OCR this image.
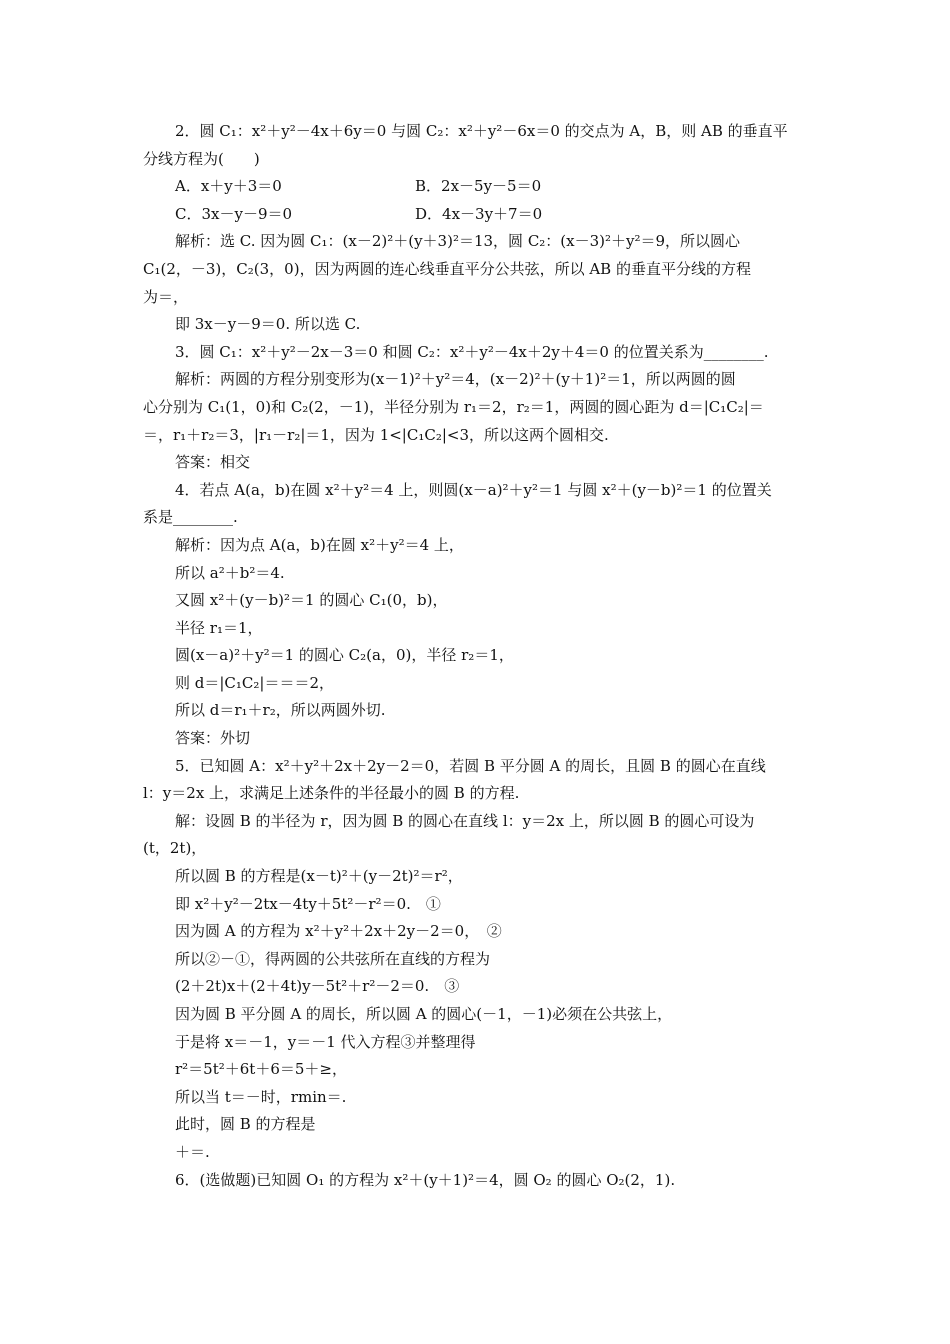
2．圆 C₁：x²＋y²－4x＋6y＝0 与圆 C₂：x²＋y²－6x＝0 的交点为 A，B，则 AB 的垂直平
分线方程为(　　)
A．x＋y＋3＝0	B．2x－5y－5＝0
C．3x－y－9＝0	D．4x－3y＋7＝0
解析：选 C. 因为圆 C₁：(x－2)²＋(y＋3)²＝13，圆 C₂：(x－3)²＋y²＝9，所以圆心
C₁(2，－3)，C₂(3，0)，因为两圆的连心线垂直平分公共弦，所以 AB 的垂直平分线的方程
为＝，
即 3x－y－9＝0. 所以选 C.
3．圆 C₁：x²＋y²－2x－3＝0 和圆 C₂：x²＋y²－4x＋2y＋4＝0 的位置关系为________.
解析：两圆的方程分别变形为(x－1)²＋y²＝4，(x－2)²＋(y＋1)²＝1，所以两圆的圆
心分别为 C₁(1，0)和 C₂(2，－1)，半径分别为 r₁＝2，r₂＝1，两圆的圆心距为 d＝|C₁C₂|＝
＝，r₁＋r₂＝3，|r₁－r₂|＝1，因为 1<|C₁C₂|<3，所以这两个圆相交.
答案：相交
4．若点 A(a，b)在圆 x²＋y²＝4 上，则圆(x－a)²＋y²＝1 与圆 x²＋(y－b)²＝1 的位置关
系是________.
解析：因为点 A(a，b)在圆 x²＋y²＝4 上，
所以 a²＋b²＝4.
又圆 x²＋(y－b)²＝1 的圆心 C₁(0，b)，
半径 r₁＝1，
圆(x－a)²＋y²＝1 的圆心 C₂(a，0)，半径 r₂＝1，
则 d＝|C₁C₂|＝＝＝2，
所以 d＝r₁＋r₂，所以两圆外切.
答案：外切
5．已知圆 A：x²＋y²＋2x＋2y－2＝0，若圆 B 平分圆 A 的周长，且圆 B 的圆心在直线
l：y＝2x 上，求满足上述条件的半径最小的圆 B 的方程.
解：设圆 B 的半径为 r，因为圆 B 的圆心在直线 l：y＝2x 上，所以圆 B 的圆心可设为
(t，2t)，
所以圆 B 的方程是(x－t)²＋(y－2t)²＝r²，
即 x²＋y²－2tx－4ty＋5t²－r²＝0.　①
因为圆 A 的方程为 x²＋y²＋2x＋2y－2＝0，　②
所以②－①，得两圆的公共弦所在直线的方程为
(2＋2t)x＋(2＋4t)y－5t²＋r²－2＝0.　③
因为圆 B 平分圆 A 的周长，所以圆 A 的圆心(－1，－1)必须在公共弦上，
于是将 x＝－1，y＝－1 代入方程③并整理得
r²＝5t²＋6t＋6＝5＋≥，
所以当 t＝－时，rmin＝.
此时，圆 B 的方程是
＋＝.
6．(选做题)已知圆 O₁ 的方程为 x²＋(y＋1)²＝4，圆 O₂ 的圆心 O₂(2，1).
